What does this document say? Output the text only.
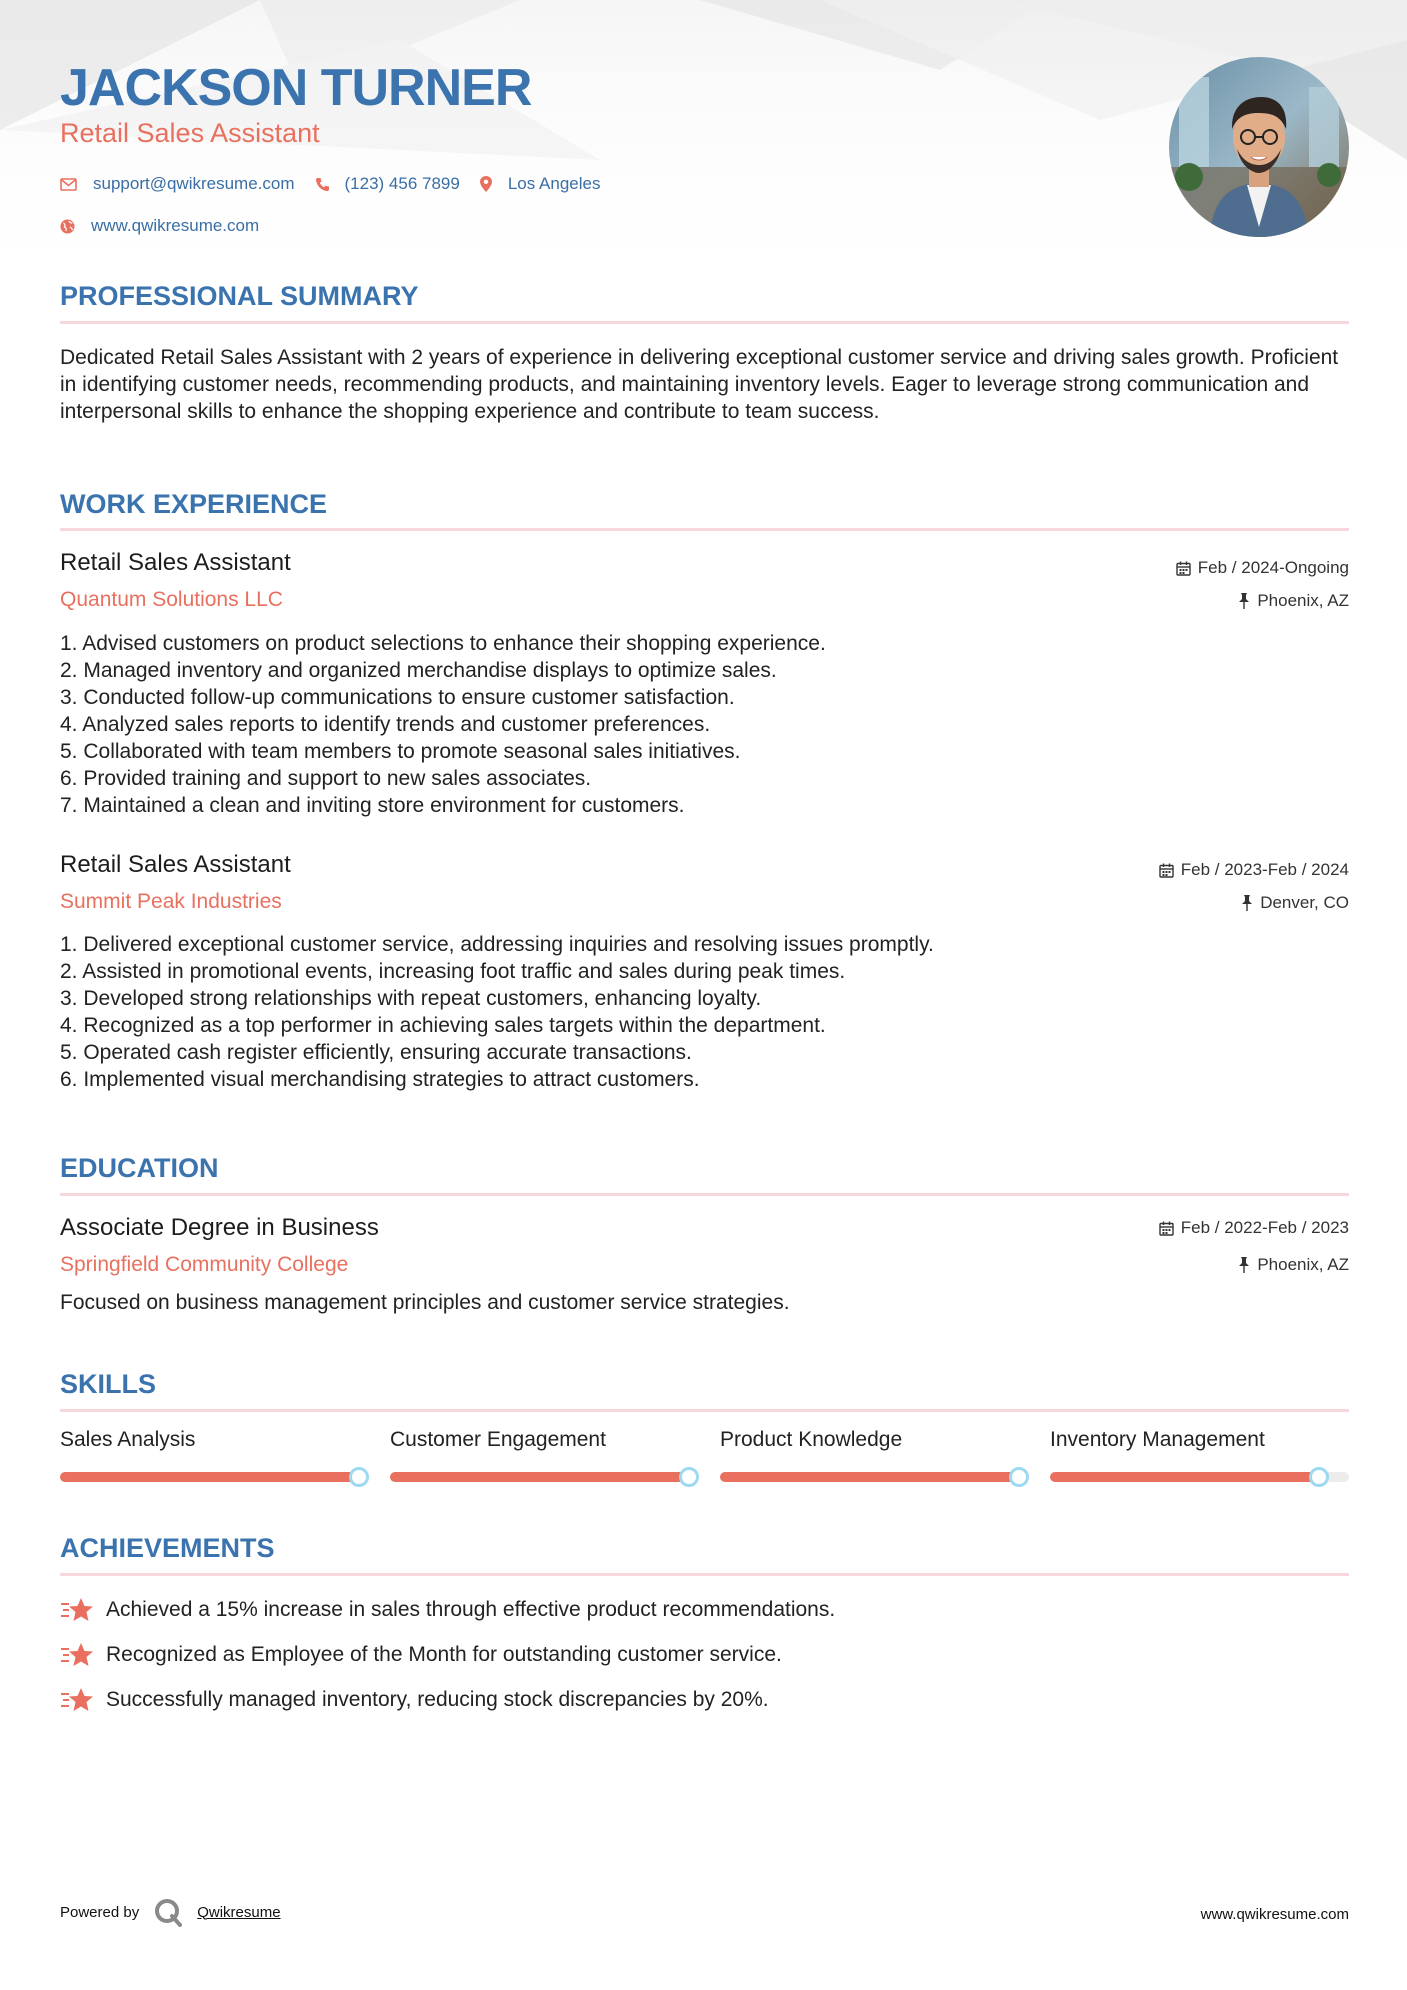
JACKSON TURNER
Retail Sales Assistant
support@qwikresume.com	(123) 456 7899	Los Angeles
www.qwikresume.com
PROFESSIONAL SUMMARY
Dedicated Retail Sales Assistant with 2 years of experience in delivering exceptional customer service and driving sales growth. Proficient in identifying customer needs, recommending products, and maintaining inventory levels. Eager to leverage strong communication and interpersonal skills to enhance the shopping experience and contribute to team success.
WORK EXPERIENCE
Retail Sales Assistant	Feb / 2024-Ongoing
Quantum Solutions LLC	Phoenix, AZ
1. Advised customers on product selections to enhance their shopping experience.
2. Managed inventory and organized merchandise displays to optimize sales.
3. Conducted follow-up communications to ensure customer satisfaction.
4. Analyzed sales reports to identify trends and customer preferences.
5. Collaborated with team members to promote seasonal sales initiatives.
6. Provided training and support to new sales associates.
7. Maintained a clean and inviting store environment for customers.
Retail Sales Assistant	Feb / 2023-Feb / 2024
Summit Peak Industries	Denver, CO
1. Delivered exceptional customer service, addressing inquiries and resolving issues promptly.
2. Assisted in promotional events, increasing foot traffic and sales during peak times.
3. Developed strong relationships with repeat customers, enhancing loyalty.
4. Recognized as a top performer in achieving sales targets within the department.
5. Operated cash register efficiently, ensuring accurate transactions.
6. Implemented visual merchandising strategies to attract customers.
EDUCATION
Associate Degree in Business	Feb / 2022-Feb / 2023
Springfield Community College	Phoenix, AZ
Focused on business management principles and customer service strategies.
SKILLS
Sales Analysis	Customer Engagement	Product Knowledge	Inventory Management
ACHIEVEMENTS
Achieved a 15% increase in sales through effective product recommendations.
Recognized as Employee of the Month for outstanding customer service.
Successfully managed inventory, reducing stock discrepancies by 20%.
Powered by	Qwikresume	www.qwikresume.com
